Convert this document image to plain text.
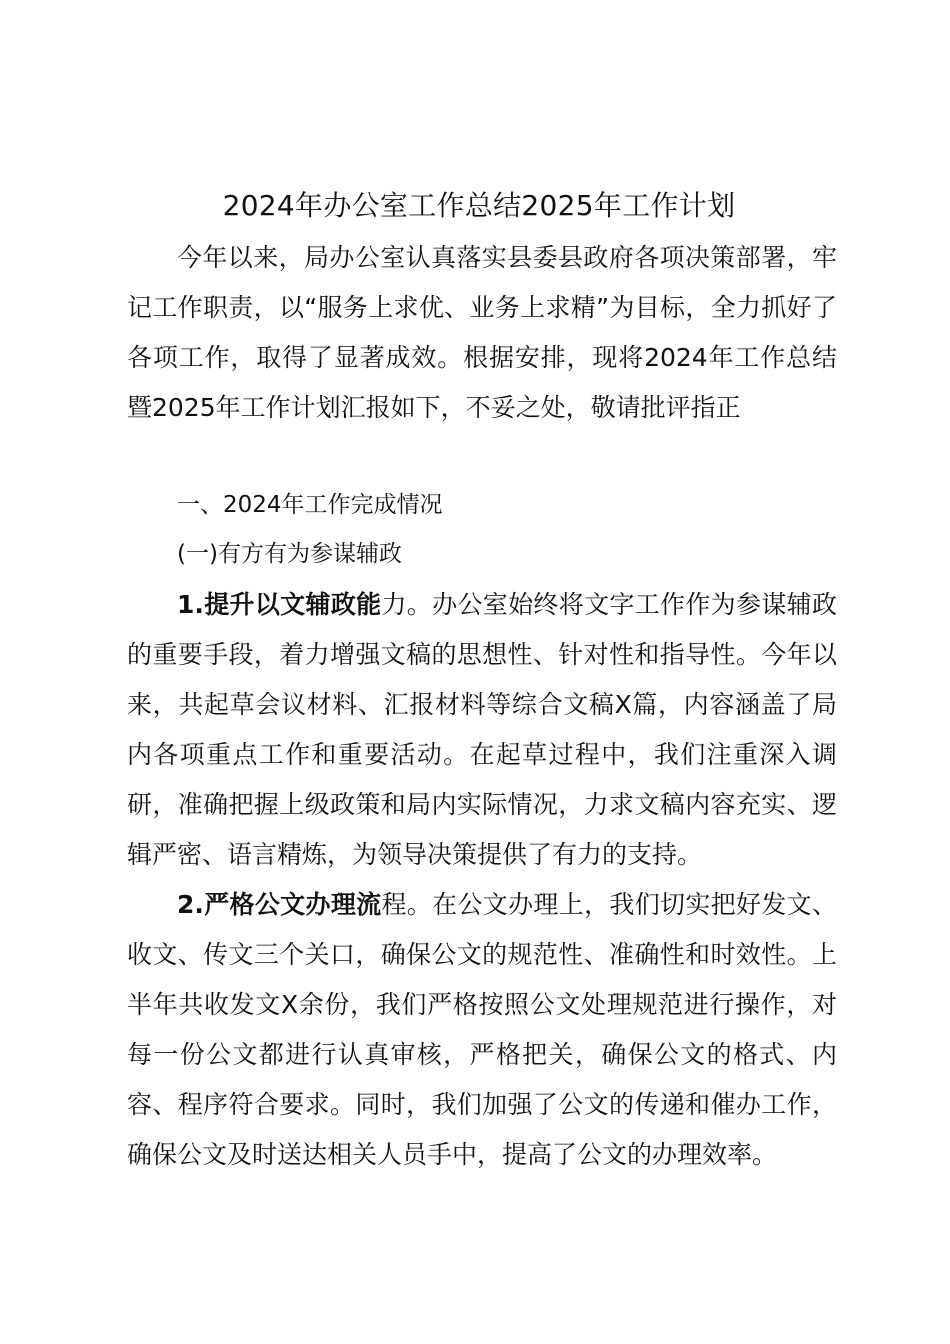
2024年办公室工作总结2025年工作计划

今年以来，局办公室认真落实县委县政府各项决策部署，牢记工作职责，以“服务上求优、业务上求精”为目标，全力抓好了各项工作，取得了显著成效。根据安排，现将2024年工作总结暨2025年工作计划汇报如下，不妥之处，敬请批评指正

一、2024年工作完成情况

(一)有方有为参谋辅政

1.提升以文辅政能力。办公室始终将文字工作作为参谋辅政的重要手段，着力增强文稿的思想性、针对性和指导性。今年以来，共起草会议材料、汇报材料等综合文稿X篇，内容涵盖了局内各项重点工作和重要活动。在起草过程中，我们注重深入调研，准确把握上级政策和局内实际情况，力求文稿内容充实、逻辑严密、语言精炼，为领导决策提供了有力的支持。

2.严格公文办理流程。在公文办理上，我们切实把好发文、收文、传文三个关口，确保公文的规范性、准确性和时效性。上半年共收发文X余份，我们严格按照公文处理规范进行操作，对每一份公文都进行认真审核，严格把关，确保公文的格式、内容、程序符合要求。同时，我们加强了公文的传递和催办工作，确保公文及时送达相关人员手中，提高了公文的办理效率。
